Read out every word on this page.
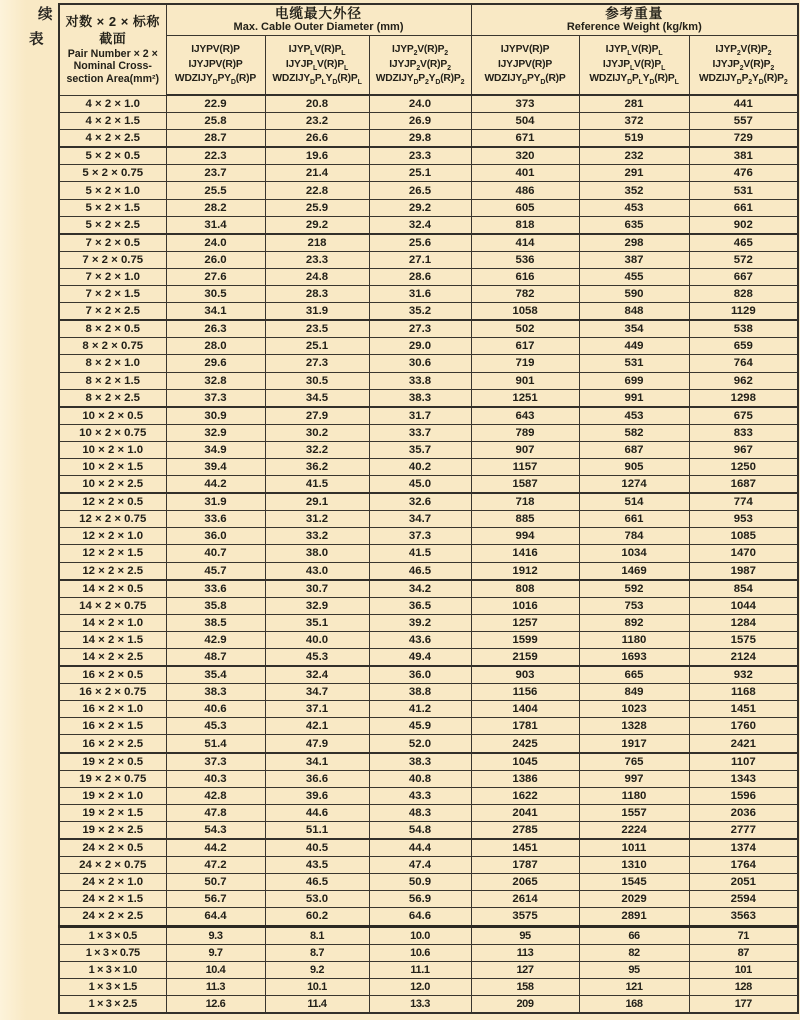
续
表
对数 × 2 × 标称
截面
Pair Number × 2 ×
Nominal Cross-
section Area(mm²)

电缆最大外径
Max. Cable Outer Diameter (mm)

参考重量
Reference Weight (kg/km)

	IJYPV(R)P
IJYJPV(R)P
$WDZIJY_DPY_D(R)P$	$IJYP_LV(R)P_L$
$IJYJP_LV(R)P_L$
$WDZIJY_DP_LY_D(R)P_L$	$IJYP_2V(R)P_2$
$IJYJP_2V(R)P_2$
$WDZIJY_DP_2Y_D(R)P_2$	IJYPV(R)P
IJYJPV(R)P
$WDZIJY_DPY_D(R)P$	$IJYP_LV(R)P_L$
$IJYJP_LV(R)P_L$
$WDZIJY_DP_LY_D(R)P_L$	$IJYP_2V(R)P_2$
$IJYJP_2V(R)P_2$
$WDZIJY_DP_2Y_D(R)P_2$
4 × 2 × 1.0	22.9	20.8	24.0	373	281	441
4 × 2 × 1.5	25.8	23.2	26.9	504	372	557
4 × 2 × 2.5	28.7	26.6	29.8	671	519	729
5 × 2 × 0.5	22.3	19.6	23.3	320	232	381
5 × 2 × 0.75	23.7	21.4	25.1	401	291	476
5 × 2 × 1.0	25.5	22.8	26.5	486	352	531
5 × 2 × 1.5	28.2	25.9	29.2	605	453	661
5 × 2 × 2.5	31.4	29.2	32.4	818	635	902
7 × 2 × 0.5	24.0	218	25.6	414	298	465
7 × 2 × 0.75	26.0	23.3	27.1	536	387	572
7 × 2 × 1.0	27.6	24.8	28.6	616	455	667
7 × 2 × 1.5	30.5	28.3	31.6	782	590	828
7 × 2 × 2.5	34.1	31.9	35.2	1058	848	1129
8 × 2 × 0.5	26.3	23.5	27.3	502	354	538
8 × 2 × 0.75	28.0	25.1	29.0	617	449	659
8 × 2 × 1.0	29.6	27.3	30.6	719	531	764
8 × 2 × 1.5	32.8	30.5	33.8	901	699	962
8 × 2 × 2.5	37.3	34.5	38.3	1251	991	1298
10 × 2 × 0.5	30.9	27.9	31.7	643	453	675
10 × 2 × 0.75	32.9	30.2	33.7	789	582	833
10 × 2 × 1.0	34.9	32.2	35.7	907	687	967
10 × 2 × 1.5	39.4	36.2	40.2	1157	905	1250
10 × 2 × 2.5	44.2	41.5	45.0	1587	1274	1687
12 × 2 × 0.5	31.9	29.1	32.6	718	514	774
12 × 2 × 0.75	33.6	31.2	34.7	885	661	953
12 × 2 × 1.0	36.0	33.2	37.3	994	784	1085
12 × 2 × 1.5	40.7	38.0	41.5	1416	1034	1470
12 × 2 × 2.5	45.7	43.0	46.5	1912	1469	1987
14 × 2 × 0.5	33.6	30.7	34.2	808	592	854
14 × 2 × 0.75	35.8	32.9	36.5	1016	753	1044
14 × 2 × 1.0	38.5	35.1	39.2	1257	892	1284
14 × 2 × 1.5	42.9	40.0	43.6	1599	1180	1575
14 × 2 × 2.5	48.7	45.3	49.4	2159	1693	2124
16 × 2 × 0.5	35.4	32.4	36.0	903	665	932
16 × 2 × 0.75	38.3	34.7	38.8	1156	849	1168
16 × 2 × 1.0	40.6	37.1	41.2	1404	1023	1451
16 × 2 × 1.5	45.3	42.1	45.9	1781	1328	1760
16 × 2 × 2.5	51.4	47.9	52.0	2425	1917	2421
19 × 2 × 0.5	37.3	34.1	38.3	1045	765	1107
19 × 2 × 0.75	40.3	36.6	40.8	1386	997	1343
19 × 2 × 1.0	42.8	39.6	43.3	1622	1180	1596
19 × 2 × 1.5	47.8	44.6	48.3	2041	1557	2036
19 × 2 × 2.5	54.3	51.1	54.8	2785	2224	2777
24 × 2 × 0.5	44.2	40.5	44.4	1451	1011	1374
24 × 2 × 0.75	47.2	43.5	47.4	1787	1310	1764
24 × 2 × 1.0	50.7	46.5	50.9	2065	1545	2051
24 × 2 × 1.5	56.7	53.0	56.9	2614	2029	2594
24 × 2 × 2.5	64.4	60.2	64.6	3575	2891	3563
1 × 3 × 0.5	9.3	8.1	10.0	95	66	71
1 × 3 × 0.75	9.7	8.7	10.6	113	82	87
1 × 3 × 1.0	10.4	9.2	11.1	127	95	101
1 × 3 × 1.5	11.3	10.1	12.0	158	121	128
1 × 3 × 2.5	12.6	11.4	13.3	209	168	177
